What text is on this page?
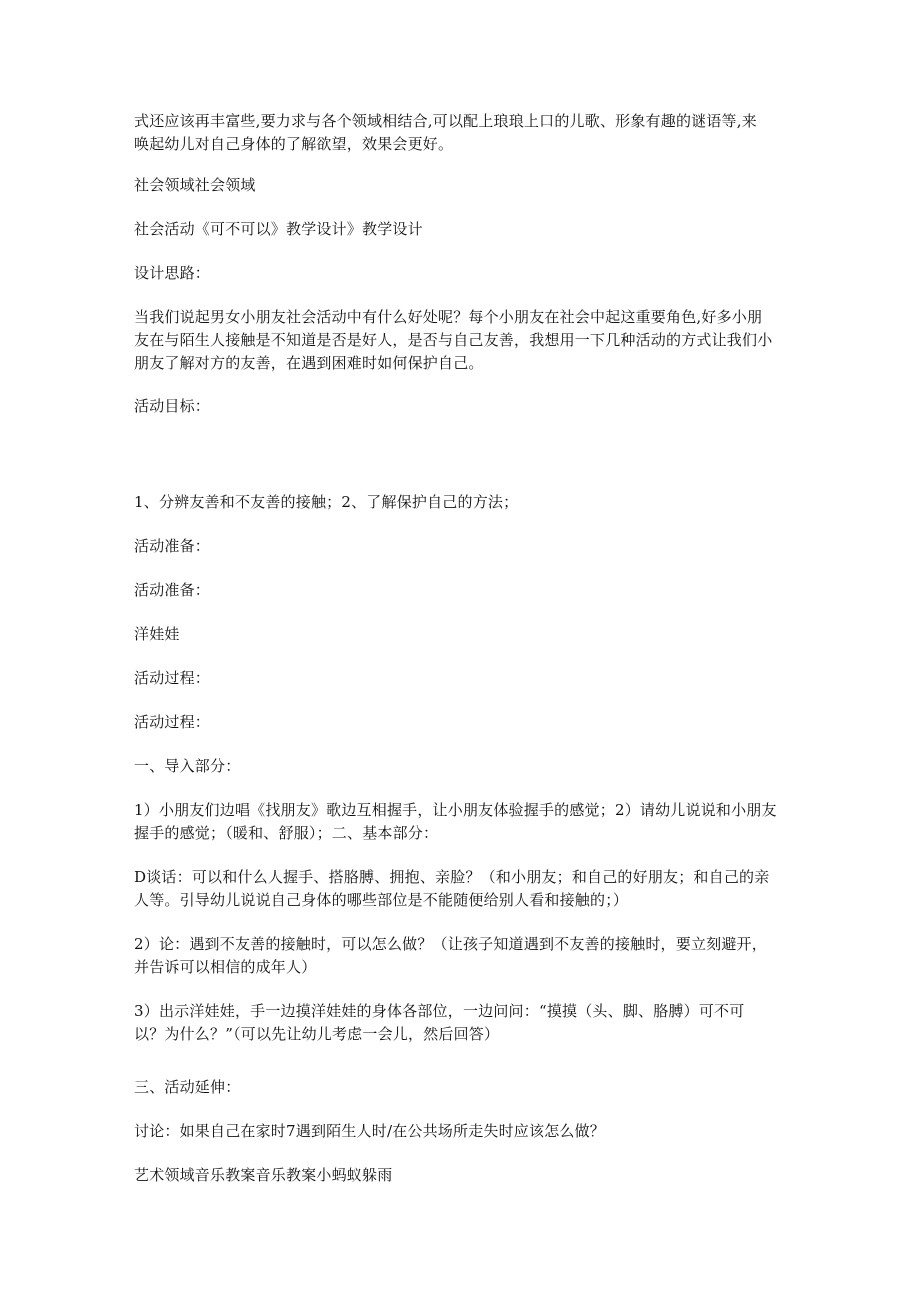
式还应该再丰富些,要力求与各个领域相结合,可以配上琅琅上口的儿歌、形象有趣的谜语等,来
唤起幼儿对自己身体的了解欲望，效果会更好。
社会领域社会领域
社会活动《可不可以》教学设计》教学设计
设计思路：
当我们说起男女小朋友社会活动中有什么好处呢？每个小朋友在社会中起这重要角色,好多小朋
友在与陌生人接触是不知道是否是好人，是否与自己友善，我想用一下几种活动的方式让我们小
朋友了解对方的友善，在遇到困难时如何保护自己。
活动目标：
1、分辨友善和不友善的接触；2、了解保护自己的方法；
活动准备：
活动准备：
洋娃娃
活动过程：
活动过程：
一、导入部分：
1）小朋友们边唱《找朋友》歌边互相握手，让小朋友体验握手的感觉；2）请幼儿说说和小朋友
握手的感觉；（暖和、舒服）；二、基本部分：
D谈话：可以和什么人握手、搭胳膊、拥抱、亲脸？（和小朋友；和自己的好朋友；和自己的亲
人等。引导幼儿说说自己身体的哪些部位是不能随便给别人看和接触的；）
2）论：遇到不友善的接触时，可以怎么做？（让孩子知道遇到不友善的接触时，要立刻避开，
并告诉可以相信的成年人）
3）出示洋娃娃，手一边摸洋娃娃的身体各部位，一边问问：“摸摸（头、脚、胳膊）可不可
以？为什么？”（可以先让幼儿考虑一会儿，然后回答）
三、活动延伸：
讨论：如果自己在家时7遇到陌生人时/在公共场所走失时应该怎么做？
艺术领域音乐教案音乐教案小蚂蚁躲雨
